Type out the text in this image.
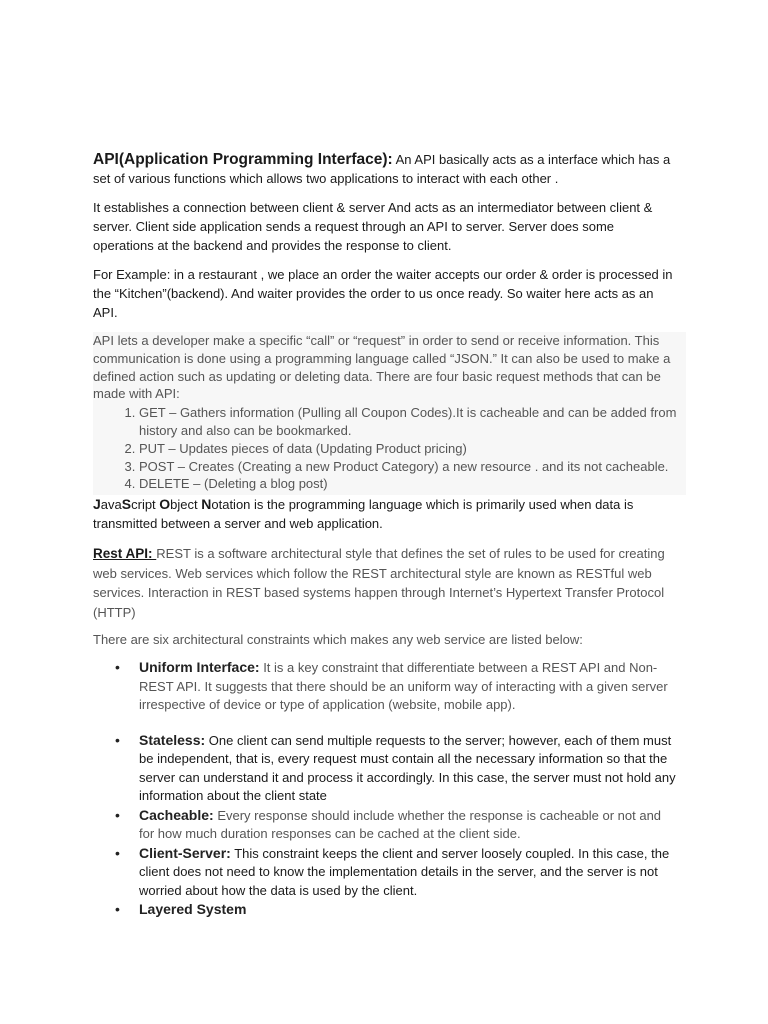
API(Application Programming Interface): An API basically acts as a interface which has a set of various functions which allows two applications to interact with each other .

It establishes a connection between client & server And acts as an intermediator between client & server. Client side application sends a request through an API to server. Server does some operations at the backend and provides the response to client.

For Example: in a restaurant , we place an order the waiter accepts our order & order is processed in the “Kitchen”(backend). And waiter provides the order to us once ready. So waiter here acts as an API.

API lets a developer make a specific “call” or “request” in order to send or receive information. This communication is done using a programming language called “JSON.” It can also be used to make a defined action such as updating or deleting data. There are four basic request methods that can be made with API:

1. GET – Gathers information (Pulling all Coupon Codes).It is cacheable and can be added from history and also can be bookmarked.
2. PUT – Updates pieces of data (Updating Product pricing)
3. POST – Creates (Creating a new Product Category) a new resource . and its not cacheable.
4. DELETE – (Deleting a blog post)

JavaScript Object Notation is the programming language which is primarily used when data is transmitted between a server and web application.

Rest API: REST is a software architectural style that defines the set of rules to be used for creating web services. Web services which follow the REST architectural style are known as RESTful web services. Interaction in REST based systems happen through Internet’s Hypertext Transfer Protocol (HTTP)

There are six architectural constraints which makes any web service are listed below:

• Uniform Interface: It is a key constraint that differentiate between a REST API and Non-REST API. It suggests that there should be an uniform way of interacting with a given server irrespective of device or type of application (website, mobile app).
• Stateless: One client can send multiple requests to the server; however, each of them must be independent, that is, every request must contain all the necessary information so that the server can understand it and process it accordingly. In this case, the server must not hold any information about the client state
• Cacheable: Every response should include whether the response is cacheable or not and for how much duration responses can be cached at the client side.
• Client-Server: This constraint keeps the client and server loosely coupled. In this case, the client does not need to know the implementation details in the server, and the server is not worried about how the data is used by the client.
• Layered System
